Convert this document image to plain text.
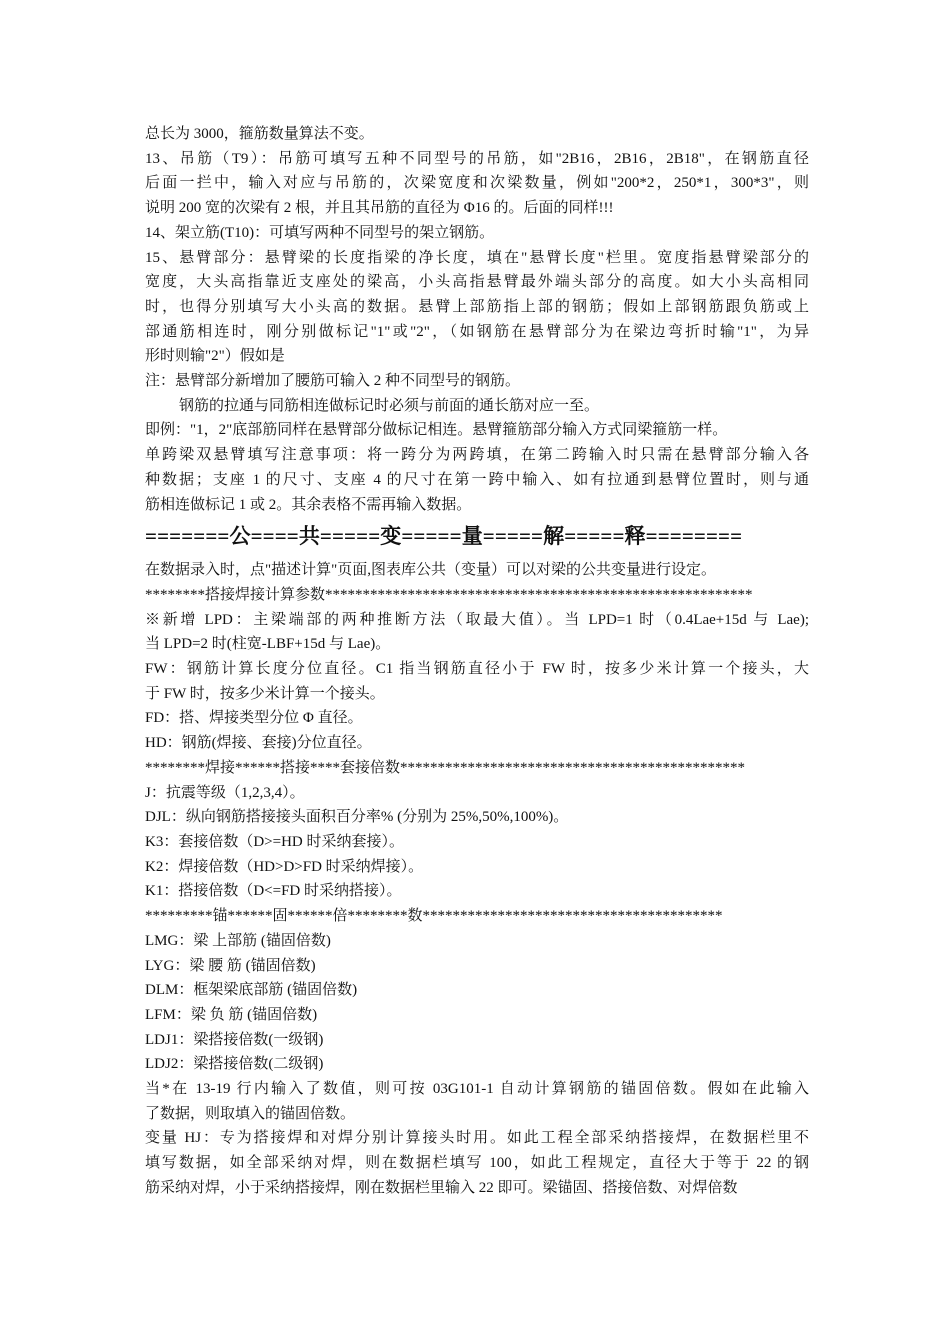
总长为 3000，箍筋数量算法不变。
13、吊筋（T9）：吊筋可填写五种不同型号的吊筋，如"2B16，2B16，2B18"，在钢筋直径
后面一拦中，输入对应与吊筋的，次梁宽度和次梁数量，例如"200*2，250*1，300*3"，则
说明 200 宽的次梁有 2 根，并且其吊筋的直径为 Φ16 的。后面的同样!!!
14、架立筋(T10)：可填写两种不同型号的架立钢筋。
15、悬臂部分：悬臂梁的长度指梁的净长度，填在"悬臂长度"栏里。宽度指悬臂梁部分的
宽度，大头高指靠近支座处的梁高，小头高指悬臂最外端头部分的高度。如大小头高相同
时，也得分别填写大小头高的数据。悬臂上部筋指上部的钢筋；假如上部钢筋跟负筋或上
部通筋相连时，刚分别做标记"1"或"2"，（如钢筋在悬臂部分为在梁边弯折时输"1"，为异
形时则输"2"）假如是
注：悬臂部分新增加了腰筋可输入 2 种不同型号的钢筋。
钢筋的拉通与同筋相连做标记时必须与前面的通长筋对应一至。
即例："1，2"底部筋同样在悬臂部分做标记相连。悬臂箍筋部分输入方式同梁箍筋一样。
单跨梁双悬臂填写注意事项：将一跨分为两跨填，在第二跨输入时只需在悬臂部分输入各
种数据；支座 1 的尺寸、支座 4 的尺寸在第一跨中输入、如有拉通到悬臂位置时，则与通
筋相连做标记 1 或 2。其余表格不需再输入数据。
=======公====共=====变=====量=====解=====释========
在数据录入时，点"描述计算"页面,图表库公共（变量）可以对梁的公共变量进行设定。
********搭接焊接计算参数*********************************************************
※新增 LPD：主梁端部的两种推断方法（取最大值）。当 LPD=1 时（0.4Lae+15d 与 Lae);
当 LPD=2 时(柱宽-LBF+15d 与 Lae)。
FW：钢筋计算长度分位直径。C1 指当钢筋直径小于 FW 时，按多少米计算一个接头，大
于 FW 时，按多少米计算一个接头。
FD：搭、焊接类型分位 Φ 直径。
HD：钢筋(焊接、套接)分位直径。
********焊接******搭接****套接倍数**********************************************
J：抗震等级（1,2,3,4）。
DJL：纵向钢筋搭接接头面积百分率% (分别为 25%,50%,100%)。
K3：套接倍数（D>=HD 时采纳套接）。
K2：焊接倍数（HD>D>FD 时采纳焊接）。
K1：搭接倍数（D<=FD 时采纳搭接）。
*********锚******固******倍********数****************************************
LMG：梁 上部筋 (锚固倍数)
LYG：梁 腰 筋 (锚固倍数)
DLM：框架梁底部筋 (锚固倍数)
LFM：梁 负 筋 (锚固倍数)
LDJ1：梁搭接倍数(一级钢)
LDJ2：梁搭接倍数(二级钢)
当*在 13-19 行内输入了数值，则可按 03G101-1 自动计算钢筋的锚固倍数。假如在此输入
了数据，则取填入的锚固倍数。
变量 HJ：专为搭接焊和对焊分别计算接头时用。如此工程全部采纳搭接焊，在数据栏里不
填写数据，如全部采纳对焊，则在数据栏填写 100，如此工程规定，直径大于等于 22 的钢
筋采纳对焊，小于采纳搭接焊，刚在数据栏里输入 22 即可。梁锚固、搭接倍数、对焊倍数
